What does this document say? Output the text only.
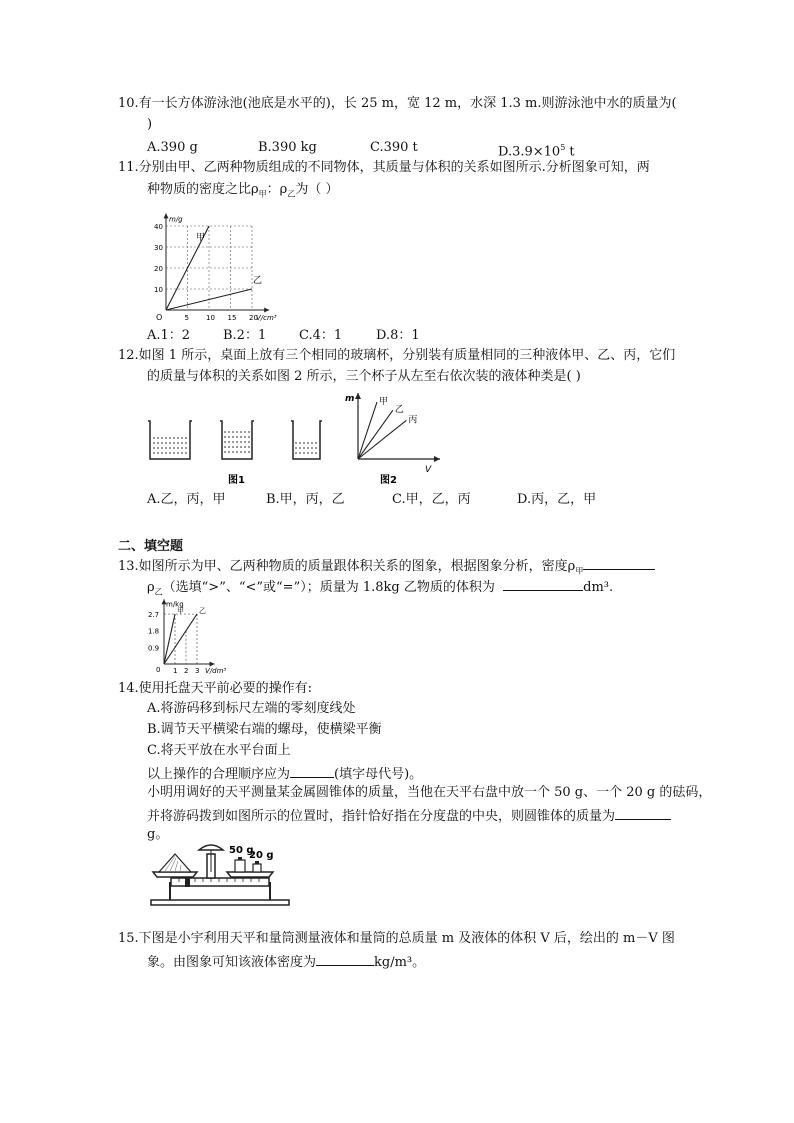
10.有一长方体游泳池(池底是水平的)，长 25 m，宽 12 m，水深 1.3 m.则游泳池中水的质量为(
)
A.390 g	B.390 kg	C.390 t	$D.3.9\times 10^5$ t
11.分别由甲、乙两种物质组成的不同物体，其质量与体积的关系如图所示.分析图象可知，两
种物质的密度之比$\rho_甲$：$\rho_乙$为（ ）
5 10 15 20
10
20
30
40
m/g
V/cm³
O
甲
乙
A.1：2	B.2：1	C.4：1	D.8：1
12.如图 1 所示，桌面上放有三个相同的玻璃杯，分别装有质量相同的三种液体甲、乙、丙，它们
的质量与体积的关系如图 2 所示，三个杯子从左至右依次装的液体种类是( )
图1
m
V
甲
乙
丙
图2
A.乙，丙，甲	B.甲，丙，乙	C.甲，乙，丙	D.丙，乙，甲
二、填空题
13.如图所示为甲、乙两种物质的质量跟体积关系的图象，根据图象分析，密度$\rho_甲$
$\rho_乙$（选填“>”、“<”或“=”）；质量为 1.8kg 乙物质的体积为	dm³.
m/kg
V/dm³
0 1 2 3
0.9
1.8
2.7	甲 乙
14.使用托盘天平前必要的操作有:
A.将游码移到标尺左端的零刻度线处
B.调节天平横梁右端的螺母，使横梁平衡
C.将天平放在水平台面上
以上操作的合理顺序应为	(填字母代号)。
小明用调好的天平测量某金属圆锥体的质量，当他在天平右盘中放一个 50 g、一个 20 g 的砝码，
并将游码拨到如图所示的位置时，指针恰好指在分度盘的中央，则圆锥体的质量为
g。
50 g
20 g
15.下图是小宇利用天平和量筒测量液体和量筒的总质量 m 及液体的体积 V 后，绘出的 m－V 图
象。由图象可知该液体密度为	kg/m³。
